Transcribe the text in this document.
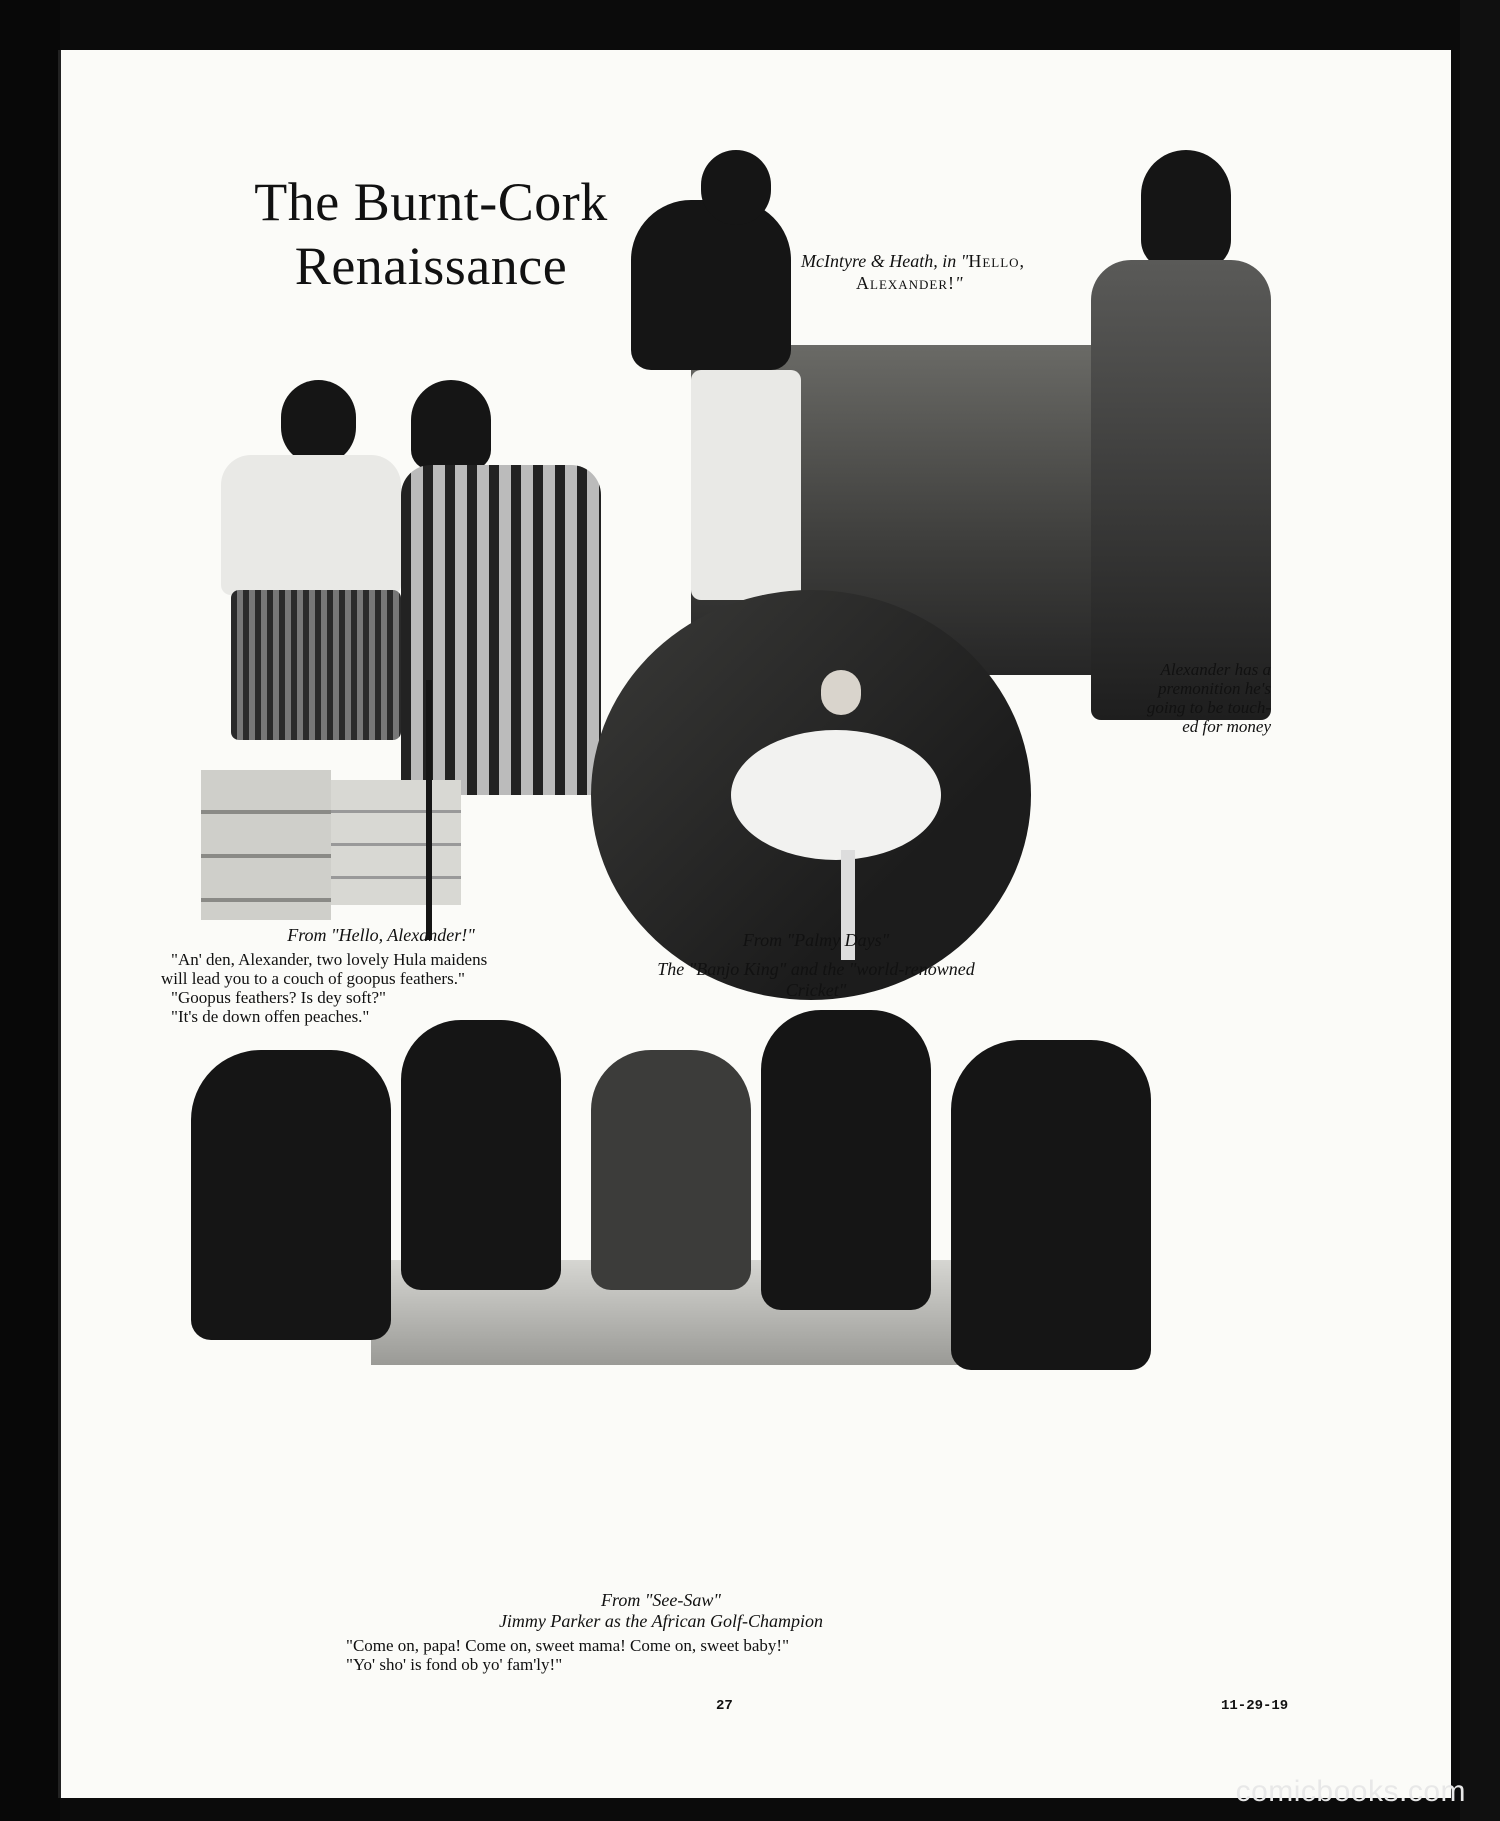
The Burnt-Cork
Renaissance	McIntyre & Heath, in "Hello,
Alexander!"
Alexander has a
premonition he's
going to be touch-
ed for money
From "Hello, Alexander!"
"An' den, Alexander, two lovely Hula maidens
will lead you to a couch of goopus feathers."
"Goopus feathers? Is dey soft?"
"It's de down offen peaches."
From "Palmy Days"
The "Banjo King" and the "world-renowned
Cricket"
From "See-Saw"
Jimmy Parker as the African Golf-Champion
"Come on, papa! Come on, sweet mama! Come on, sweet baby!"
"Yo' sho' is fond ob yo' fam'ly!"
27	11-29-19
comicbooks.com
